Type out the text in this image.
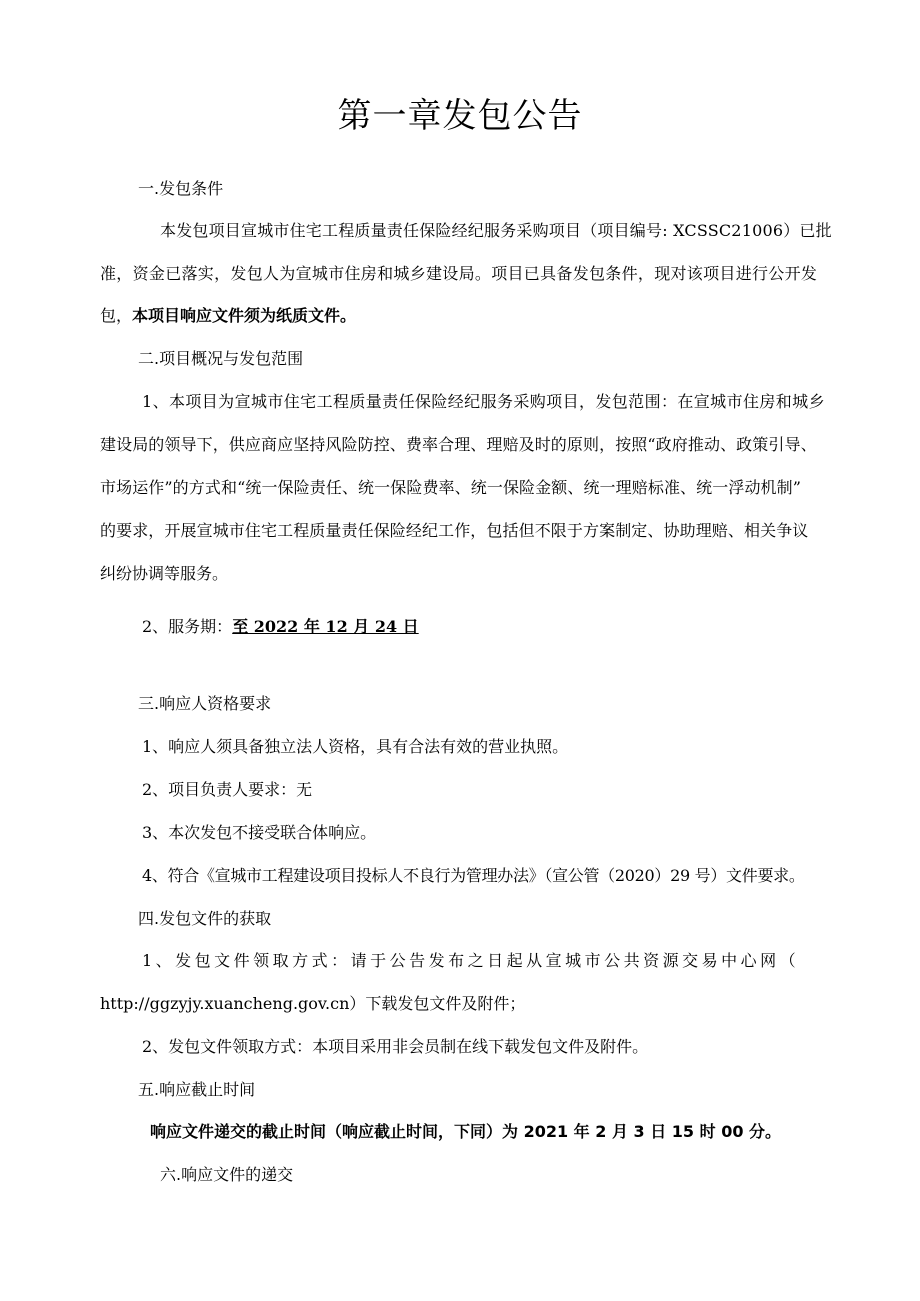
第一章发包公告
一.发包条件
本发包项目宣城市住宅工程质量责任保险经纪服务采购项目（项目编号: XCSSC21006）已批
准，资金已落实，发包人为宣城市住房和城乡建设局。项目已具备发包条件，现对该项目进行公开发
包，本项目响应文件须为纸质文件。
二.项目概况与发包范围
1、本项目为宣城市住宅工程质量责任保险经纪服务采购项目，发包范围：在宣城市住房和城乡
建设局的领导下，供应商应坚持风险防控、费率合理、理赔及时的原则，按照“政府推动、政策引导、
市场运作”的方式和“统一保险责任、统一保险费率、统一保险金额、统一理赔标准、统一浮动机制”
的要求，开展宣城市住宅工程质量责任保险经纪工作，包括但不限于方案制定、协助理赔、相关争议
纠纷协调等服务。
2、服务期：至 2022 年 12 月 24 日
三.响应人资格要求
1、响应人须具备独立法人资格，具有合法有效的营业执照。
2、项目负责人要求：无
3、本次发包不接受联合体响应。
4、符合《宣城市工程建设项目投标人不良行为管理办法》（宣公管（2020）29 号）文件要求。
四.发包文件的获取
1、发包文件领取方式：请于公告发布之日起从宣城市公共资源交易中心网（
http://ggzyjy.xuancheng.gov.cn）下载发包文件及附件；
2、发包文件领取方式：本项目采用非会员制在线下载发包文件及附件。
五.响应截止时间
响应文件递交的截止时间（响应截止时间，下同）为 2021 年 2 月 3 日 15 时 00 分。
六.响应文件的递交
